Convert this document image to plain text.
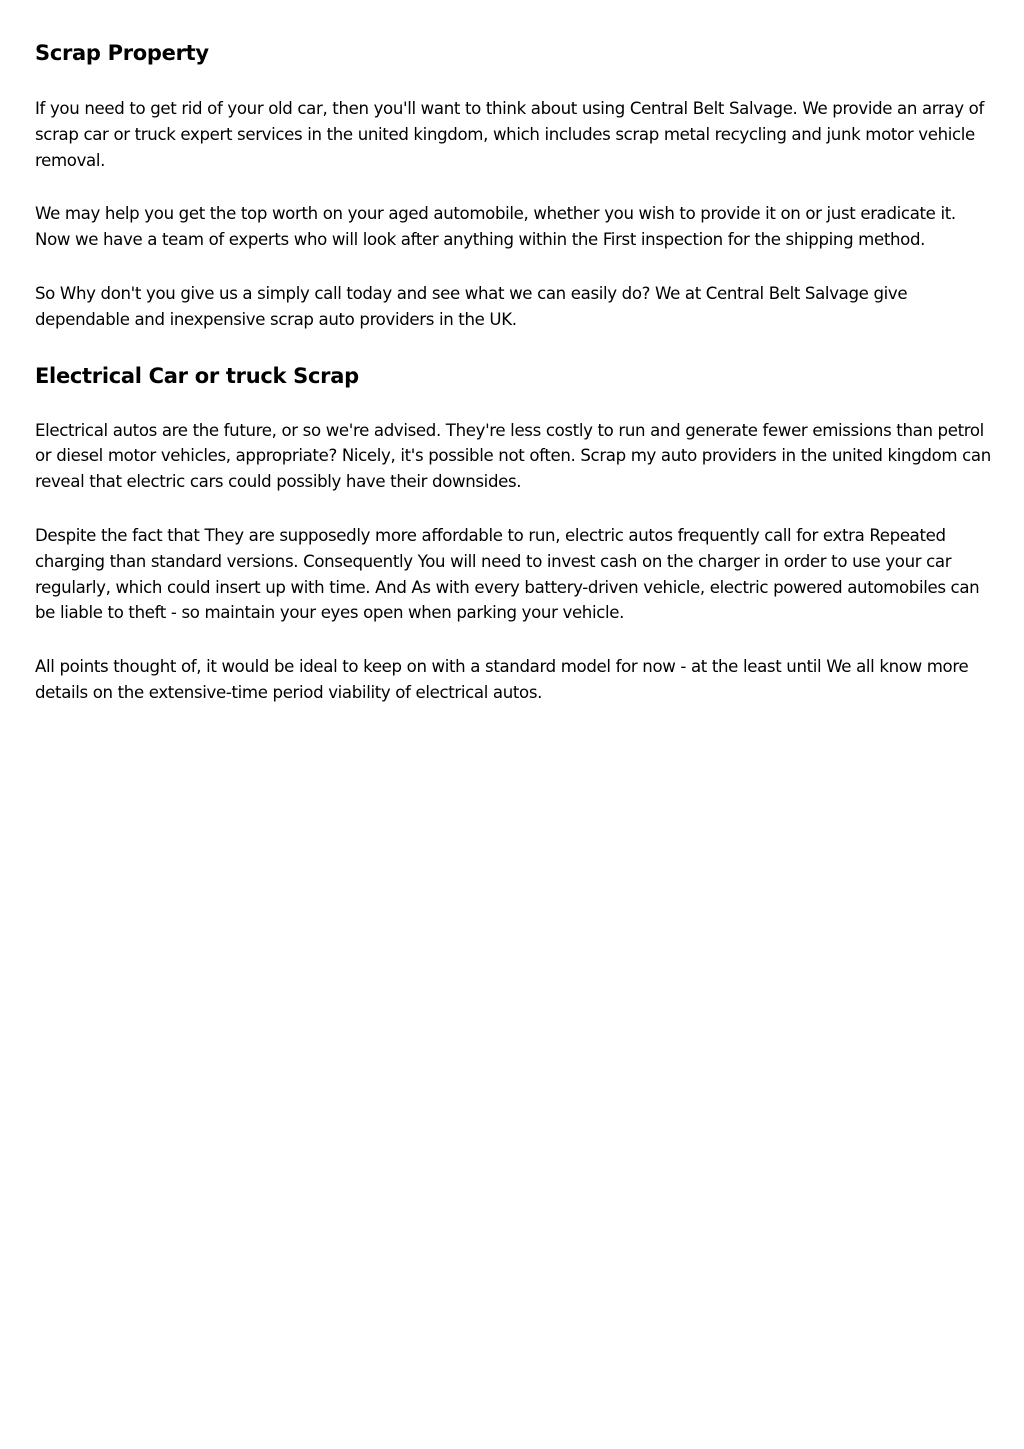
Scrap Property

If you need to get rid of your old car, then you'll want to think about using Central Belt Salvage. We provide an array of scrap car or truck expert services in the united kingdom, which includes scrap metal recycling and junk motor vehicle removal.

We may help you get the top worth on your aged automobile, whether you wish to provide it on or just eradicate it. Now we have a team of experts who will look after anything within the First inspection for the shipping method.

So Why don't you give us a simply call today and see what we can easily do? We at Central Belt Salvage give dependable and inexpensive scrap auto providers in the UK.

Electrical Car or truck Scrap

Electrical autos are the future, or so we're advised. They're less costly to run and generate fewer emissions than petrol or diesel motor vehicles, appropriate? Nicely, it's possible not often. Scrap my auto providers in the united kingdom can reveal that electric cars could possibly have their downsides.

Despite the fact that They are supposedly more affordable to run, electric autos frequently call for extra Repeated charging than standard versions. Consequently You will need to invest cash on the charger in order to use your car regularly, which could insert up with time. And As with every battery-driven vehicle, electric powered automobiles can be liable to theft - so maintain your eyes open when parking your vehicle.

All points thought of, it would be ideal to keep on with a standard model for now - at the least until We all know more details on the extensive-time period viability of electrical autos.
